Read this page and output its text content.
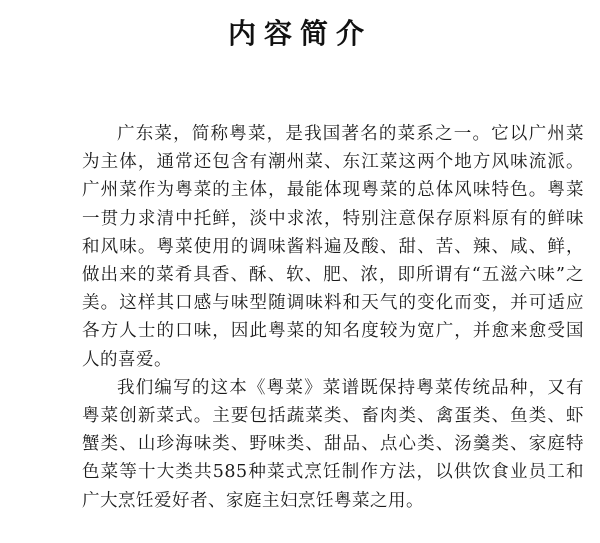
内容简介

广东菜，简称粤菜，是我国著名的菜系之一。它以广州菜为主体，通常还包含有潮州菜、东江菜这两个地方风味流派。广州菜作为粤菜的主体，最能体现粤菜的总体风味特色。粤菜一贯力求清中托鲜，淡中求浓，特别注意保存原料原有的鲜味和风味。粤菜使用的调味酱料遍及酸、甜、苦、辣、咸、鲜，做出来的菜肴具香、酥、软、肥、浓，即所谓有“五滋六味”之美。这样其口感与味型随调味料和天气的变化而变，并可适应各方人士的口味，因此粤菜的知名度较为宽广，并愈来愈受国人的喜爱。

我们编写的这本《粤菜》菜谱既保持粤菜传统品种，又有粤菜创新菜式。主要包括蔬菜类、畜肉类、禽蛋类、鱼类、虾蟹类、山珍海味类、野味类、甜品、点心类、汤羹类、家庭特色菜等十大类共585种菜式烹饪制作方法，以供饮食业员工和广大烹饪爱好者、家庭主妇烹饪粤菜之用。
